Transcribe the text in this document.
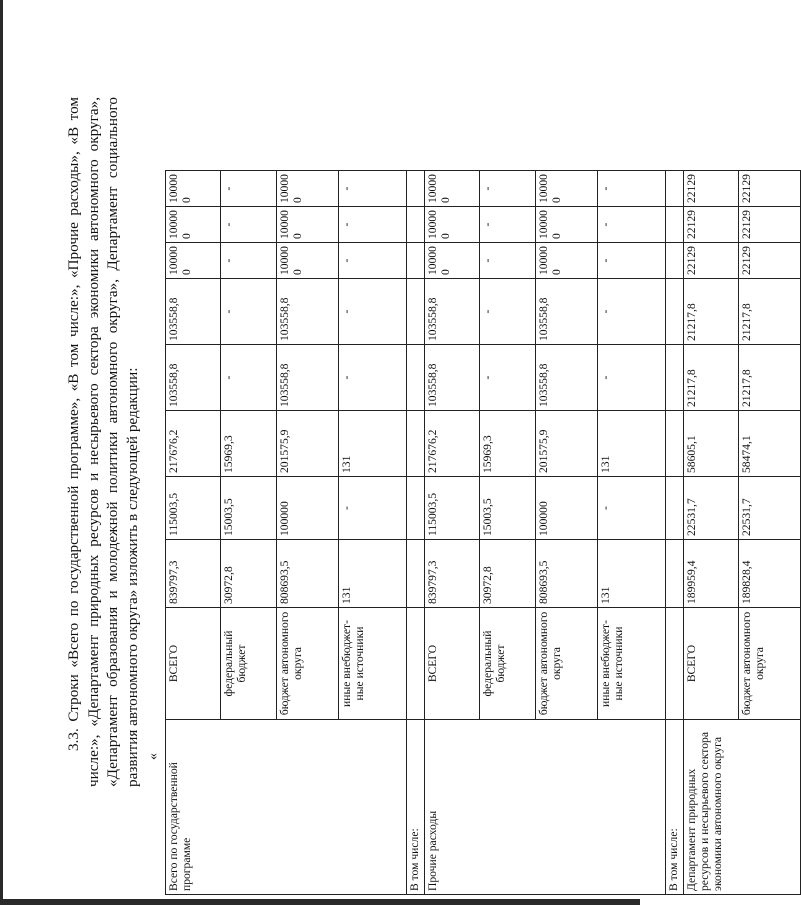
3.3. Строки «Всего по государственной программе», «В том числе:», «Прочие расходы», «В том числе:», «Департамент природных ресурсов и несырьевого сектора экономики автономного округа», «Департамент образования и молодежной политики автономного округа», Департамент социального развития автономного округа» изложить в следующей редакции: «
Всего по государственной программе	ВСЕГО	839797,3	115003,5	217676,2	103558,8	103558,8	10000 0	10000 0	10000 0
	федеральный бюджет	30972,8	15003,5	15969,3	-	-	-	-	-
	бюджет автономного округа	808693,5	100000	201575,9	103558,8	103558,8	10000 0	10000 0	10000 0
	иные внебюджет- ные источники	131	-	131	-	-	-	-	-
В том числе:									
Прочие расходы	ВСЕГО	839797,3	115003,5	217676,2	103558,8	103558,8	10000 0	10000 0	10000 0
	федеральный бюджет	30972,8	15003,5	15969,3	-	-	-	-	-
	бюджет автономного округа	808693,5	100000	201575,9	103558,8	103558,8	10000 0	10000 0	10000 0
	иные внебюджет- ные источники	131	-	131	-	-	-	-	-
В том числе:									
Департамент природных ресурсов и несырьевого сектора экономики автономного округа	ВСЕГО	189959,4	22531,7	58605,1	21217,8	21217,8	22129	22129	22129
	бюджет автономного округа	189828,4	22531,7	58474,1	21217,8	21217,8	22129	22129	22129
